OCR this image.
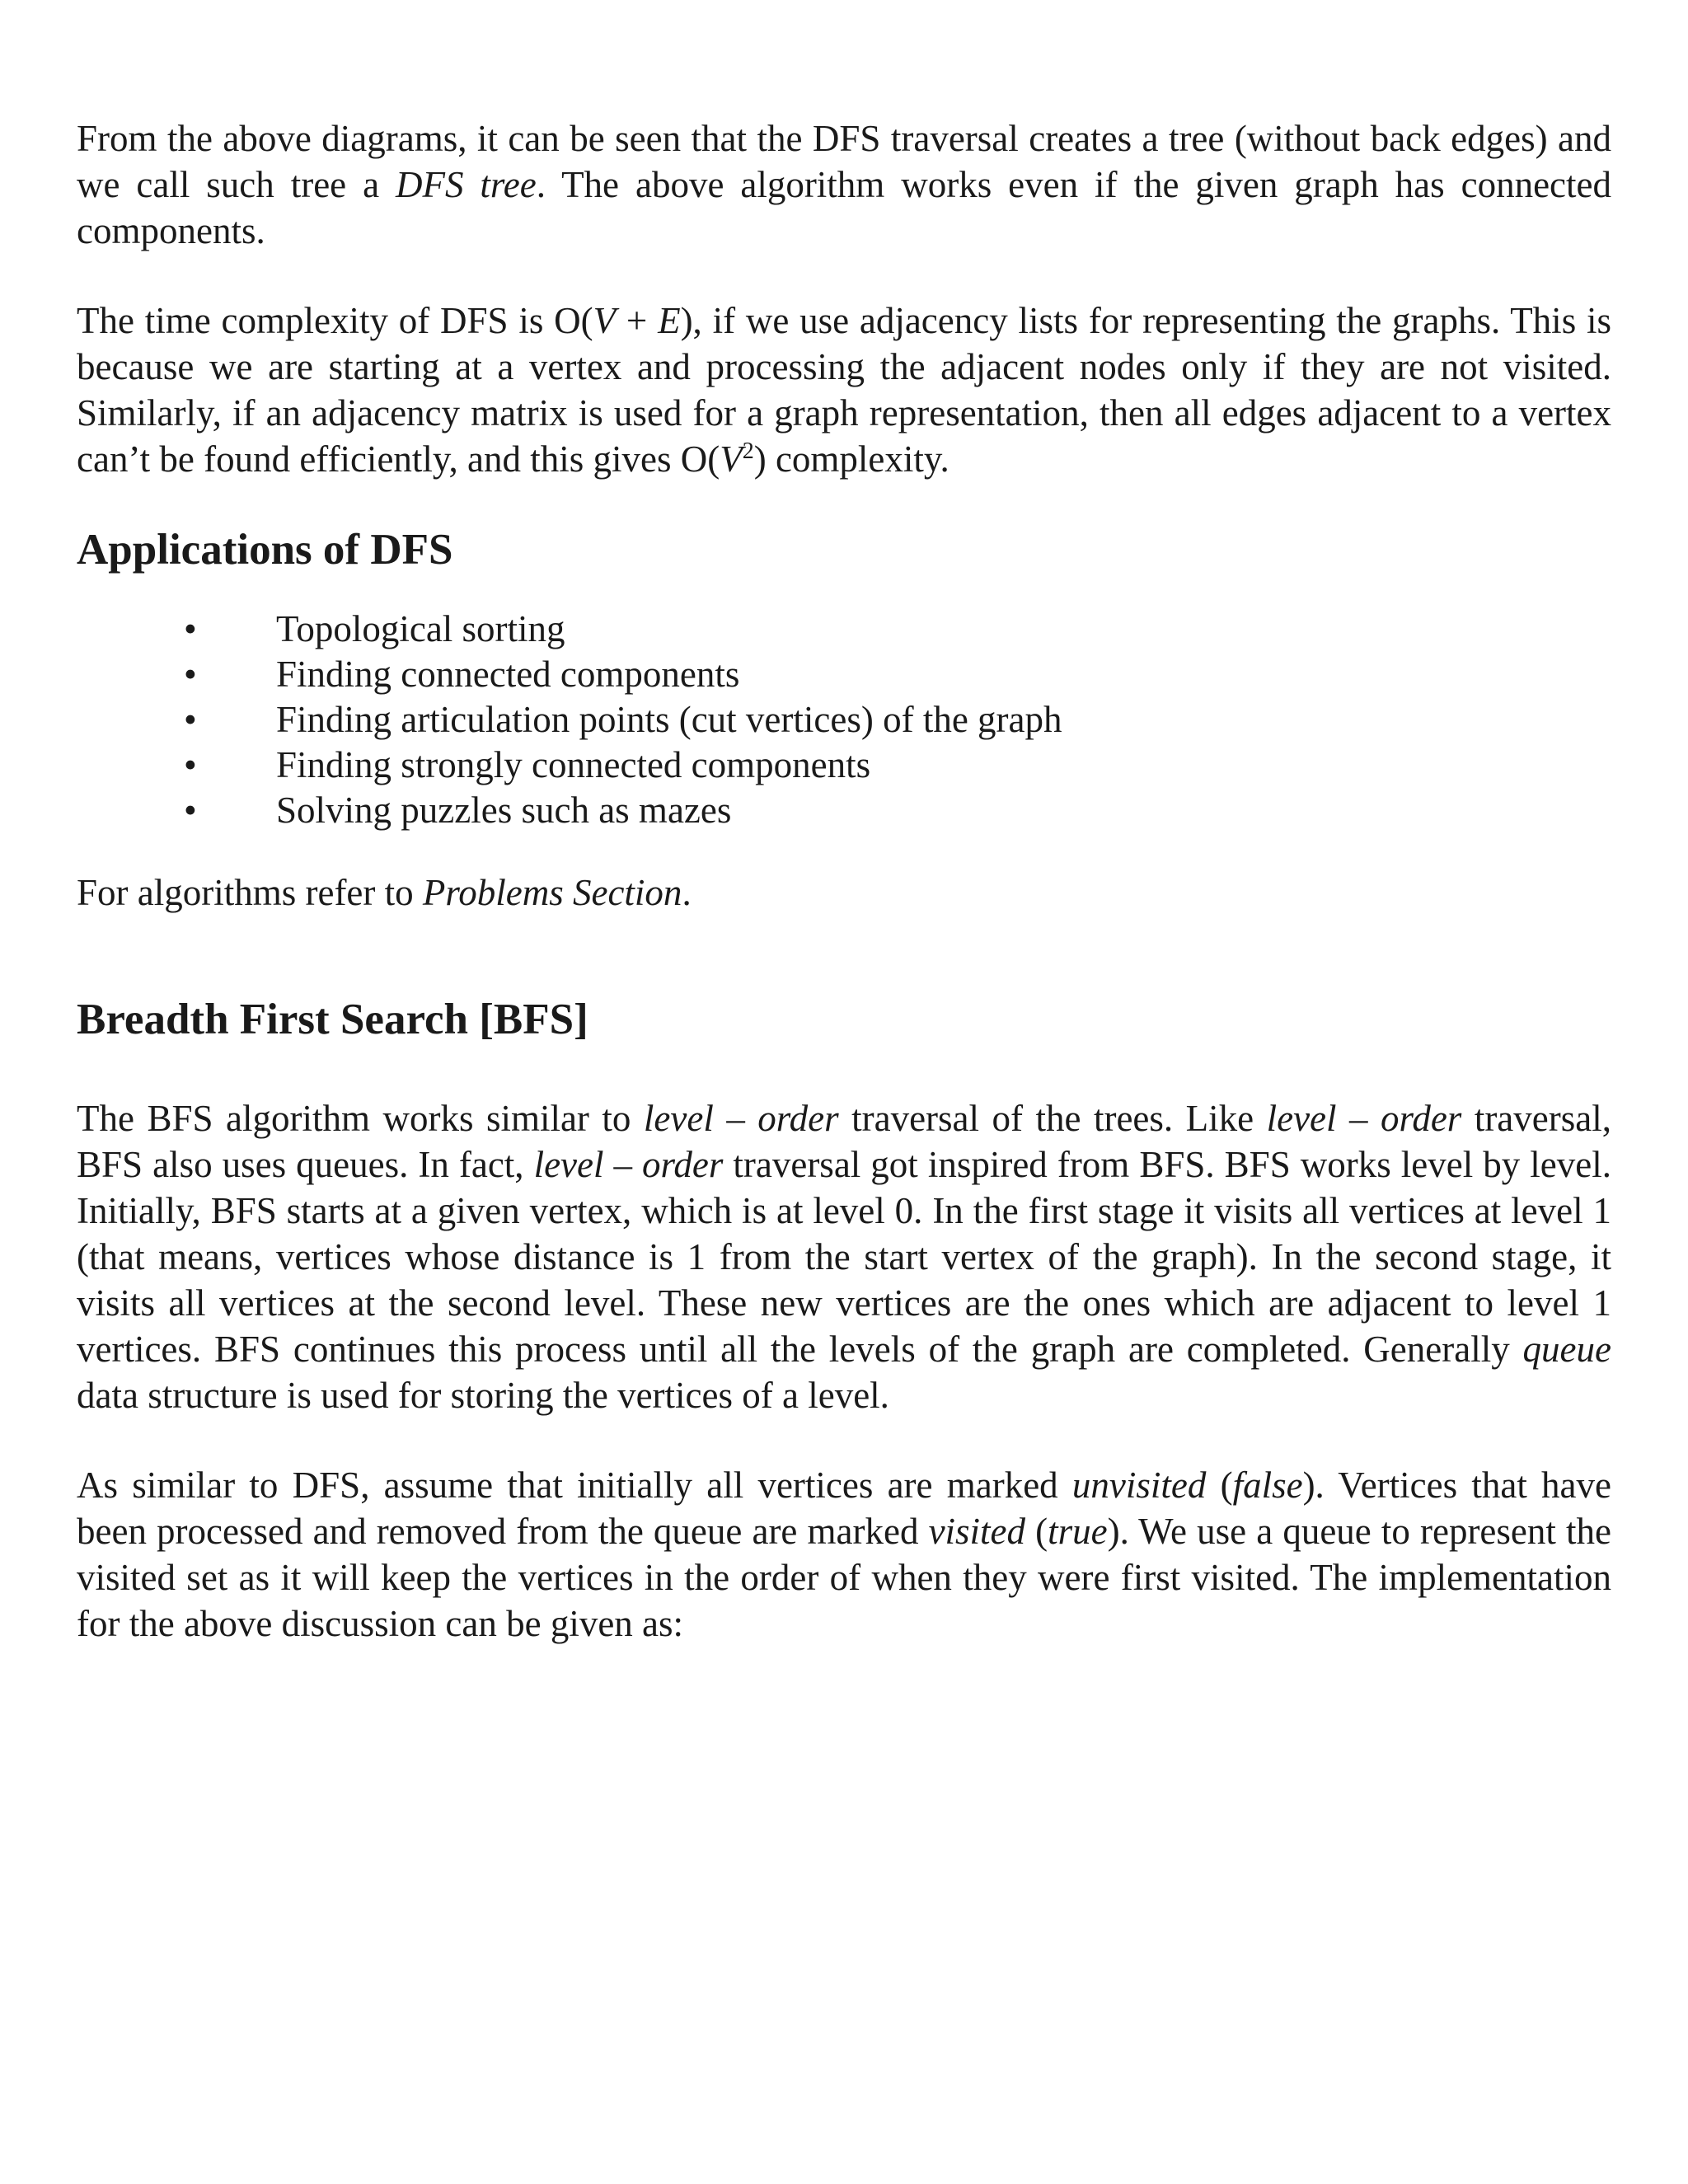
From the above diagrams, it can be seen that the DFS traversal creates a tree (without back edges) and we call such tree a DFS tree. The above algorithm works even if the given graph has connected components.

The time complexity of DFS is O(V + E), if we use adjacency lists for representing the graphs. This is because we are starting at a vertex and processing the adjacent nodes only if they are not visited. Similarly, if an adjacency matrix is used for a graph representation, then all edges adjacent to a vertex can’t be found efficiently, and this gives $O(V^2)$ complexity.

Applications of DFS
• Topological sorting
• Finding connected components
• Finding articulation points (cut vertices) of the graph
• Finding strongly connected components
• Solving puzzles such as mazes

For algorithms refer to Problems Section.

Breadth First Search [BFS]

The BFS algorithm works similar to level – order traversal of the trees. Like level – order traversal, BFS also uses queues. In fact, level – order traversal got inspired from BFS. BFS works level by level. Initially, BFS starts at a given vertex, which is at level 0. In the first stage it visits all vertices at level 1 (that means, vertices whose distance is 1 from the start vertex of the graph). In the second stage, it visits all vertices at the second level. These new vertices are the ones which are adjacent to level 1 vertices. BFS continues this process until all the levels of the graph are completed. Generally queue data structure is used for storing the vertices of a level.

As similar to DFS, assume that initially all vertices are marked unvisited (false). Vertices that have been processed and removed from the queue are marked visited (true). We use a queue to represent the visited set as it will keep the vertices in the order of when they were first visited. The implementation for the above discussion can be given as:
